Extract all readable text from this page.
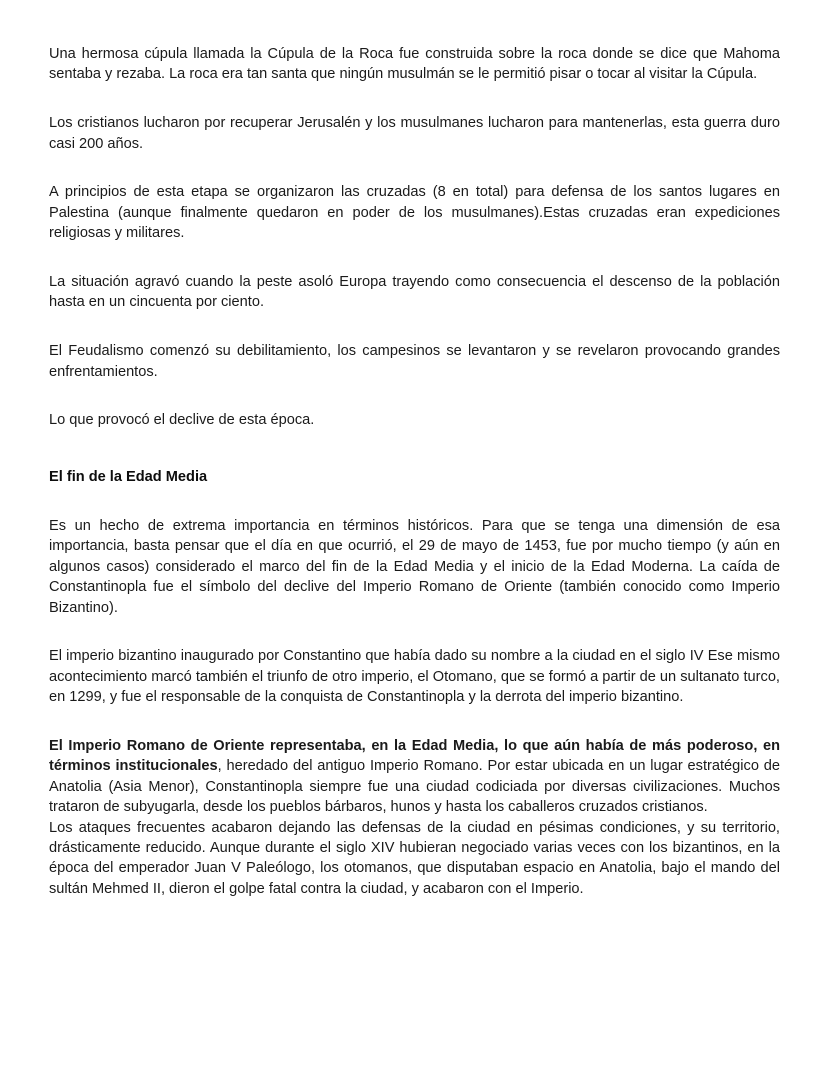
Una hermosa cúpula llamada la Cúpula de la Roca fue construida sobre la roca donde se dice que Mahoma sentaba y rezaba. La roca era tan santa que ningún musulmán se le permitió pisar o tocar al visitar la Cúpula.

Los cristianos lucharon por recuperar Jerusalén y los musulmanes lucharon para mantenerlas, esta guerra duro casi 200 años.

A principios de esta etapa se organizaron las cruzadas (8 en total) para defensa de los santos lugares en Palestina (aunque finalmente quedaron en poder de los musulmanes).Estas cruzadas eran expediciones religiosas y militares.

La situación agravó cuando la peste asoló Europa trayendo como consecuencia el descenso de la población hasta en un cincuenta por ciento.

El Feudalismo comenzó su debilitamiento, los campesinos se levantaron y se revelaron provocando grandes enfrentamientos.

Lo que provocó el declive de esta época.

El fin de la Edad Media

Es un hecho de extrema importancia en términos históricos. Para que se tenga una dimensión de esa importancia, basta pensar que el día en que ocurrió, el 29 de mayo de 1453, fue por mucho tiempo (y aún en algunos casos) considerado el marco del fin de la Edad Media y el inicio de la Edad Moderna. La caída de Constantinopla fue el símbolo del declive del Imperio Romano de Oriente (también conocido como Imperio Bizantino).

El imperio bizantino inaugurado por Constantino que había dado su nombre a la ciudad en el siglo IV Ese mismo acontecimiento marcó también el triunfo de otro imperio, el Otomano, que se formó a partir de un sultanato turco, en 1299, y fue el responsable de la conquista de Constantinopla y la derrota del imperio bizantino.

El Imperio Romano de Oriente representaba, en la Edad Media, lo que aún había de más poderoso, en términos institucionales, heredado del antiguo Imperio Romano. Por estar ubicada en un lugar estratégico de Anatolia (Asia Menor), Constantinopla siempre fue una ciudad codiciada por diversas civilizaciones. Muchos trataron de subyugarla, desde los pueblos bárbaros, hunos y hasta los caballeros cruzados cristianos.

Los ataques frecuentes acabaron dejando las defensas de la ciudad en pésimas condiciones, y su territorio, drásticamente reducido. Aunque durante el siglo XIV hubieran negociado varias veces con los bizantinos, en la época del emperador Juan V Paleólogo, los otomanos, que disputaban espacio en Anatolia, bajo el mando del sultán Mehmed II, dieron el golpe fatal contra la ciudad, y acabaron con el Imperio.
